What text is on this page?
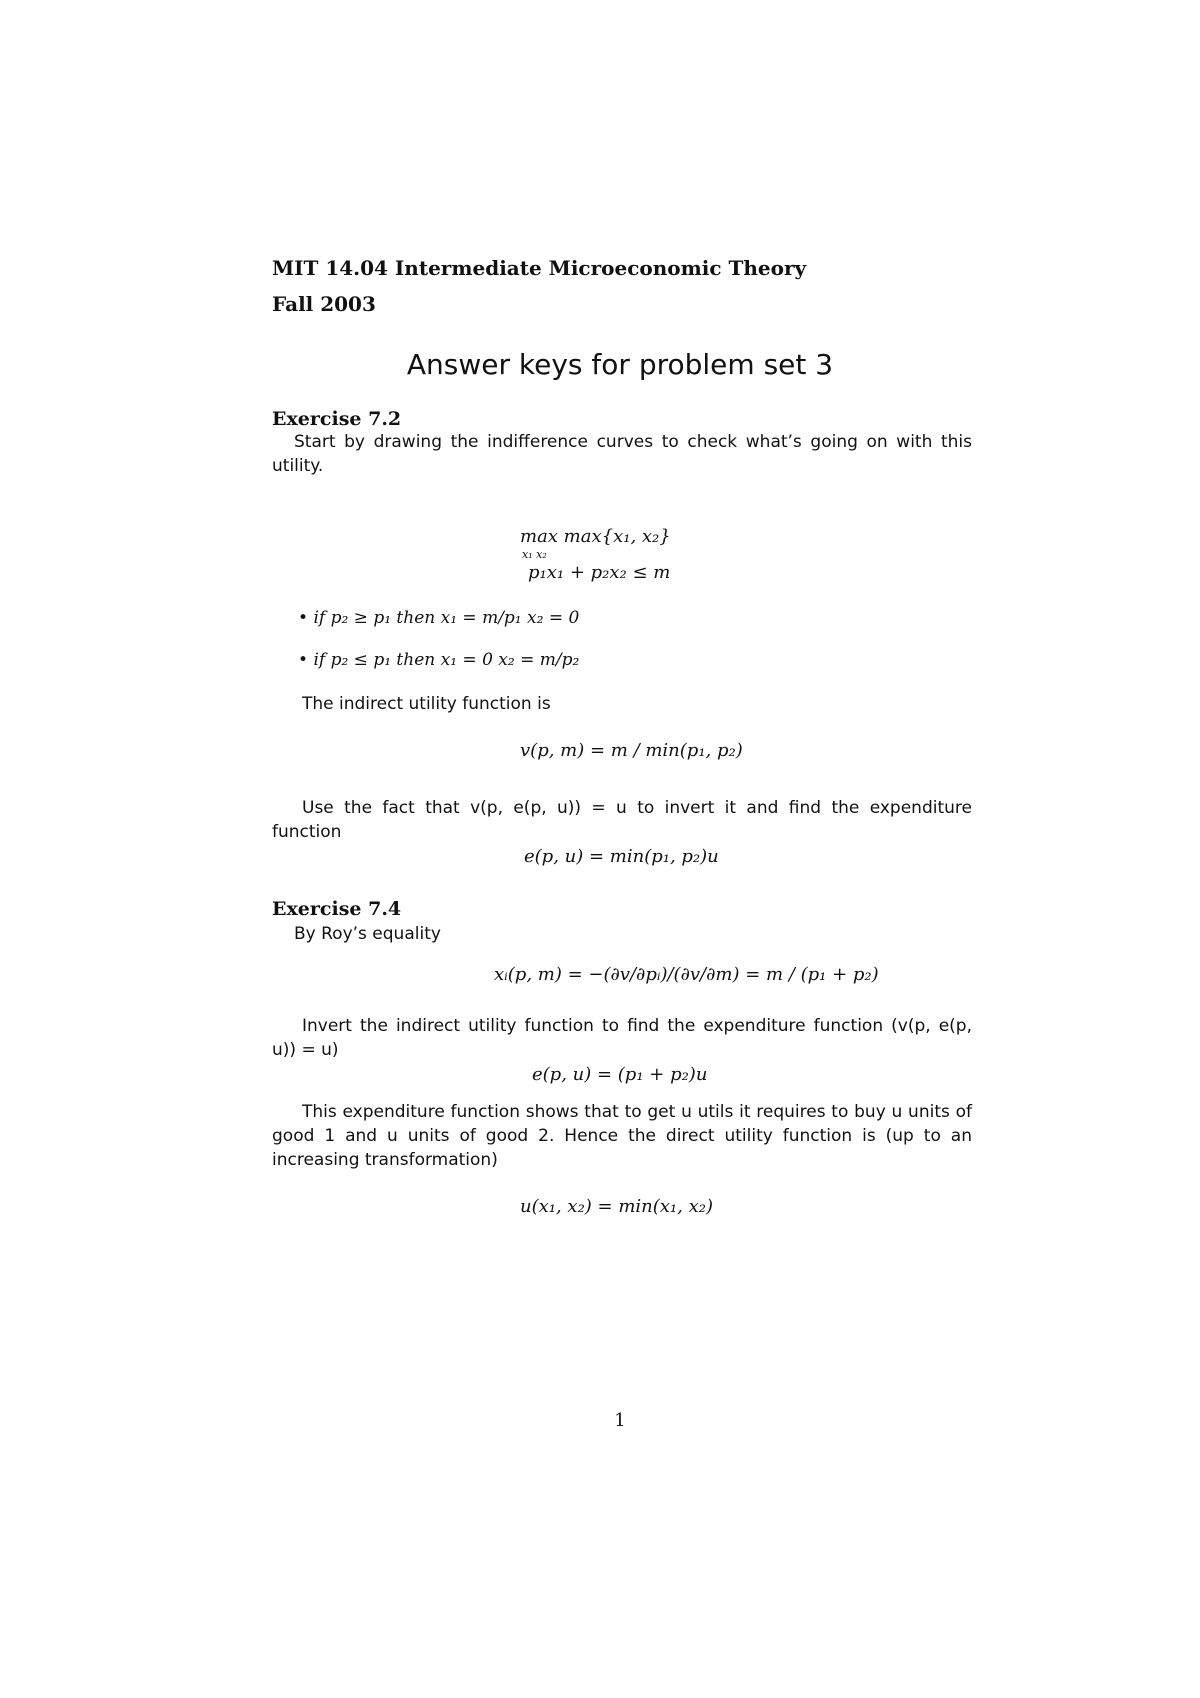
MIT 14.04 Intermediate Microeconomic Theory
Fall 2003
Answer keys for problem set 3
Exercise 7.2
Start by drawing the indifference curves to check what’s going on with this utility.
max max{x₁, x₂}
x₁ x₂
p₁x₁ + p₂x₂ ≤ m
• if p₂ ≥ p₁ then x₁ = m/p₁ x₂ = 0
• if p₂ ≤ p₁ then x₁ = 0 x₂ = m/p₂
The indirect utility function is
v(p, m) = m / min(p₁, p₂)
Use the fact that v(p, e(p, u)) = u to invert it and find the expenditure function
e(p, u) = min(p₁, p₂)u
Exercise 7.4
By Roy’s equality
xᵢ(p, m) = −(∂v/∂pᵢ)/(∂v/∂m) = m / (p₁ + p₂)
Invert the indirect utility function to find the expenditure function (v(p, e(p, u)) = u)
e(p, u) = (p₁ + p₂)u
This expenditure function shows that to get u utils it requires to buy u units of good 1 and u units of good 2. Hence the direct utility function is (up to an increasing transformation)
u(x₁, x₂) = min(x₁, x₂)
1
